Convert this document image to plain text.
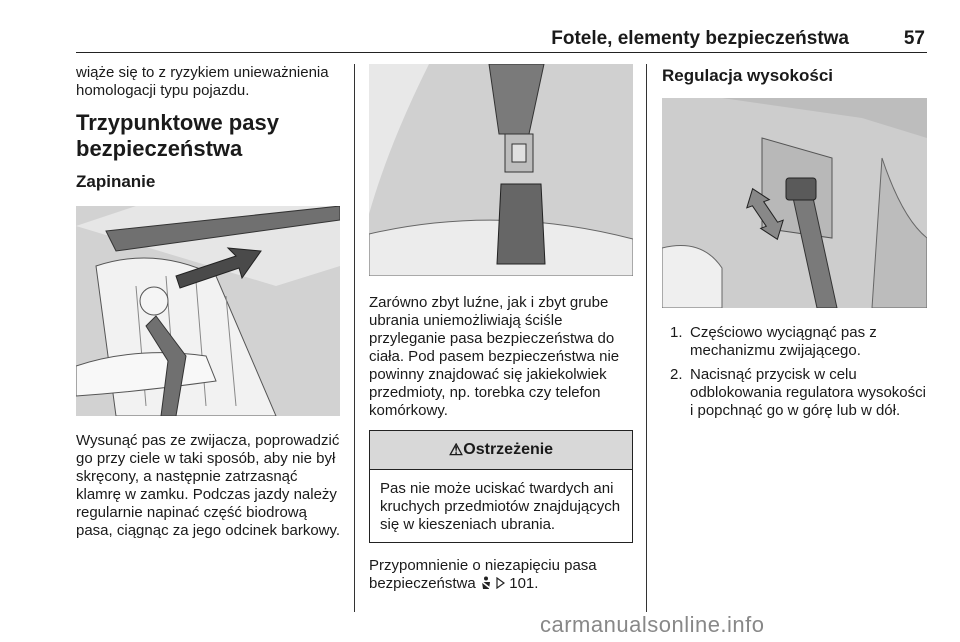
Fotele, elementy bezpieczeństwa	57

wiąże się to z ryzykiem unieważnienia homologacji typu pojazdu.

Trzypunktowe pasy bezpieczeństwa
Zapinanie

Wysunąć pas ze zwijacza, poprowadzić go przy ciele w taki sposób, aby nie był skręcony, a następnie zatrzasnąć klamrę w zamku. Podczas jazdy należy regularnie napinać część biodrową pasa, ciągnąc za jego odcinek barkowy.

Zarówno zbyt luźne, jak i zbyt grube ubrania uniemożliwiają ściśle przyleganie pasa bezpieczeństwa do ciała. Pod pasem bezpieczeństwa nie powinny znajdować się jakiekolwiek przedmioty, np. torebka czy telefon komórkowy.

⚠ Ostrzeżenie

Pas nie może uciskać twardych ani kruchych przedmiotów znajdujących się w kieszeniach ubrania.

Przypomnienie o niezapięciu pasa bezpieczeństwa 101.

Regulacja wysokości
1. Częściowo wyciągnąć pas z mechanizmu zwijającego.
2. Nacisnąć przycisk w celu odblokowania regulatora wysokości i popchnąć go w górę lub w dół.
carmanualsonline.info
